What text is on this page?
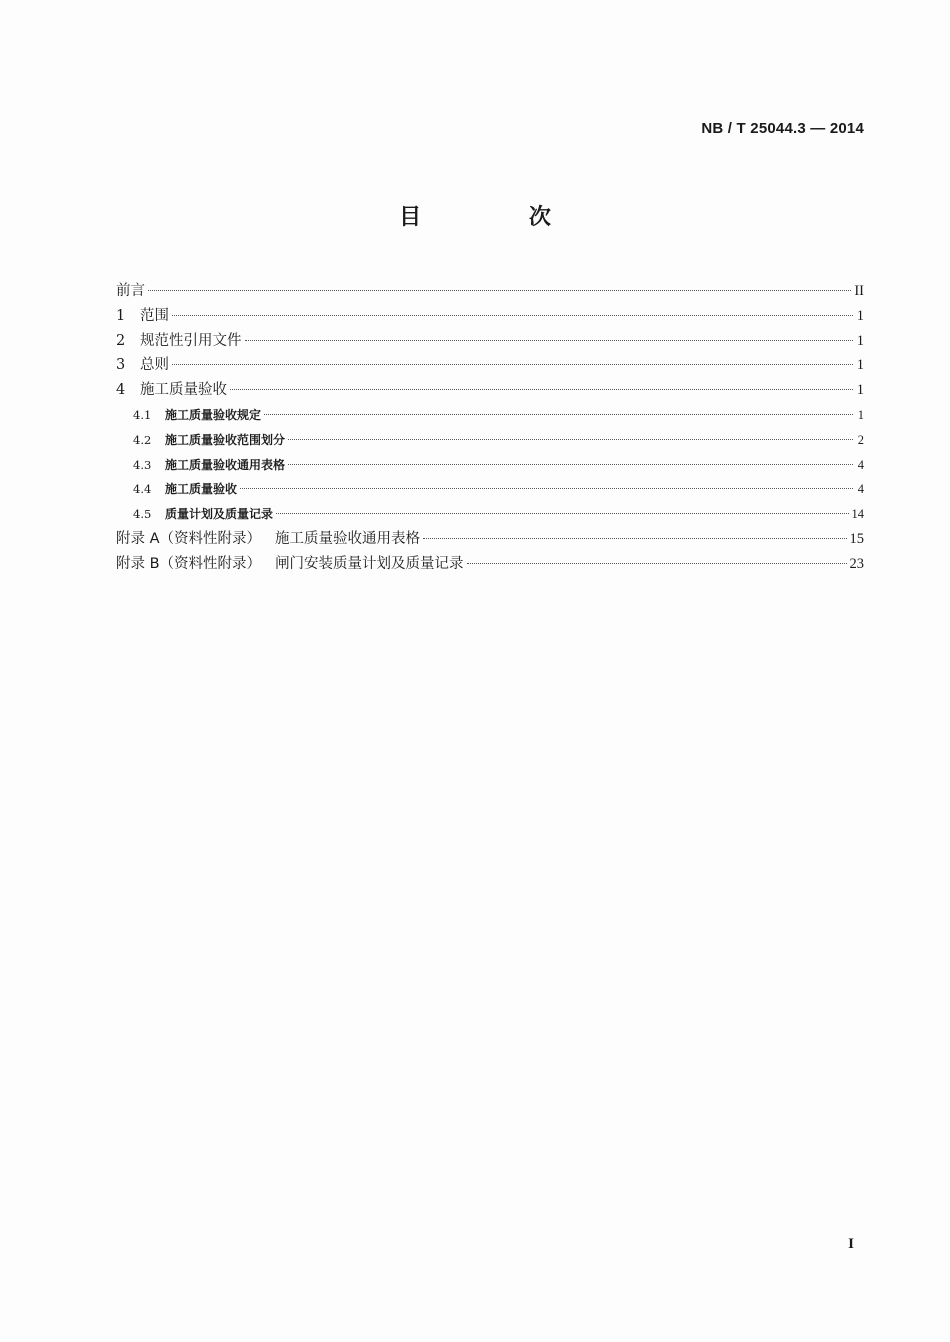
NB / T 25044.3 — 2014
目 次
前言	II
1	范围	1
2	规范性引用文件	1
3	总则	1
4	施工质量验收	1
4.1	施工质量验收规定	1
4.2	施工质量验收范围划分	2
4.3	施工质量验收通用表格	4
4.4	施工质量验收	4
4.5	质量计划及质量记录	14
附录 A（资料性附录） 施工质量验收通用表格	15
附录 B（资料性附录） 闸门安装质量计划及质量记录	23
I
